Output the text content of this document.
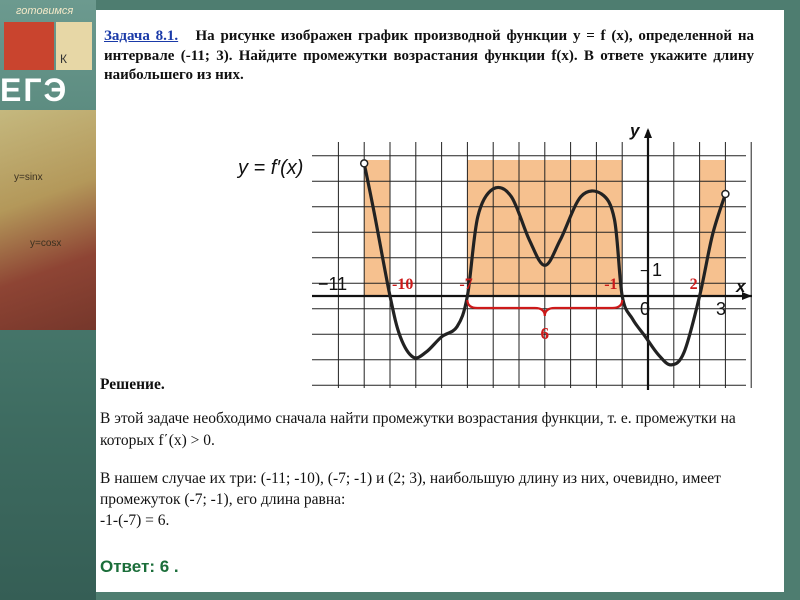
готовимся
К
ЕГЭ
y=sinx
y=cosx
Задача 8.1. На рисунке изображен график производной функции y = f (x), определенной на интервале (-11; 3). Найдите промежутки возрастания функции f(x). В ответе укажите длину наибольшего из них.
y = f′(x)
y
x
−11
0	3
1
−
-10	-7	-1	2
6
Решение.
В этой задаче необходимо сначала найти промежутки возрастания функции, т. е. промежутки на которых f΄(x) > 0.
В нашем случае их три: (-11; -10), (-7; -1) и (2; 3), наибольшую длину из них, очевидно, имеет промежуток (-7; -1), его длина равна:
-1-(-7) = 6.
Ответ: 6 .
